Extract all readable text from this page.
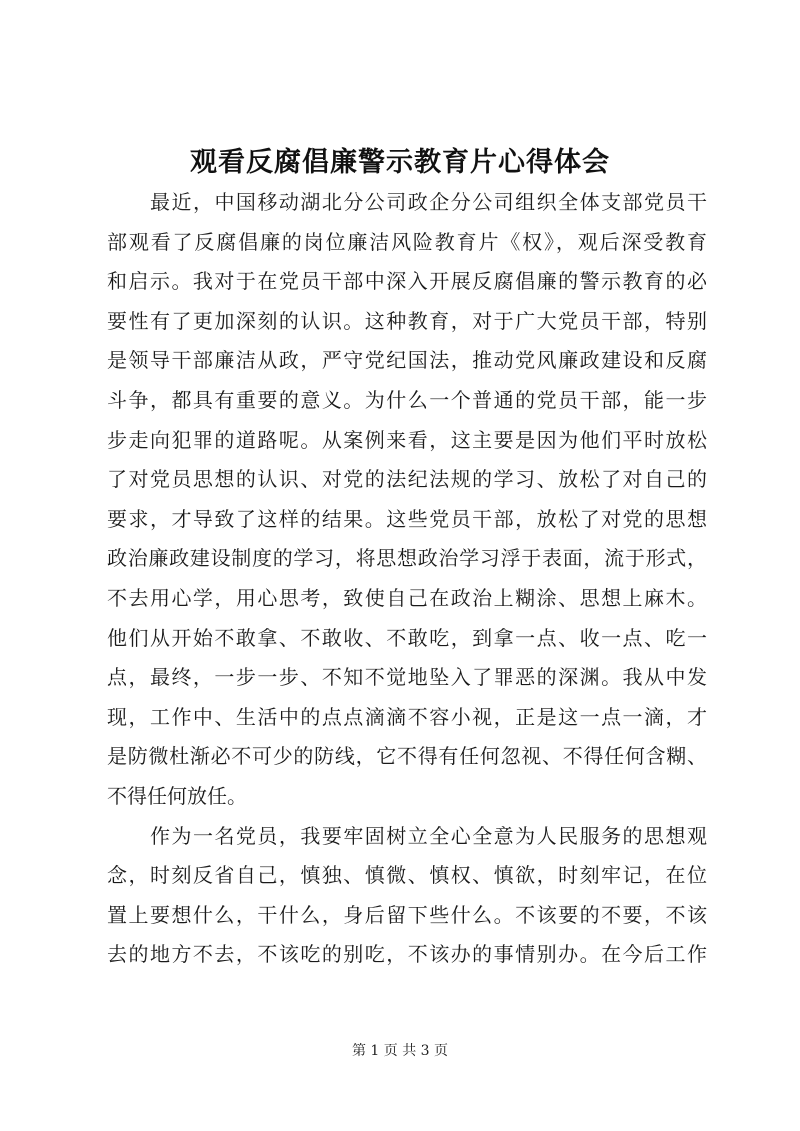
观看反腐倡廉警示教育片心得体会

最近，中国移动湖北分公司政企分公司组织全体支部党员干
部观看了反腐倡廉的岗位廉洁风险教育片《权》，观后深受教育
和启示。我对于在党员干部中深入开展反腐倡廉的警示教育的必
要性有了更加深刻的认识。这种教育，对于广大党员干部，特别
是领导干部廉洁从政，严守党纪国法，推动党风廉政建设和反腐
斗争，都具有重要的意义。为什么一个普通的党员干部，能一步
步走向犯罪的道路呢。从案例来看，这主要是因为他们平时放松
了对党员思想的认识、对党的法纪法规的学习、放松了对自己的
要求，才导致了这样的结果。这些党员干部，放松了对党的思想
政治廉政建设制度的学习，将思想政治学习浮于表面，流于形式，
不去用心学，用心思考，致使自己在政治上糊涂、思想上麻木。
他们从开始不敢拿、不敢收、不敢吃，到拿一点、收一点、吃一
点，最终，一步一步、不知不觉地坠入了罪恶的深渊。我从中发
现，工作中、生活中的点点滴滴不容小视，正是这一点一滴，才
是防微杜渐必不可少的防线，它不得有任何忽视、不得任何含糊、
不得任何放任。

作为一名党员，我要牢固树立全心全意为人民服务的思想观
念，时刻反省自己，慎独、慎微、慎权、慎欲，时刻牢记，在位
置上要想什么，干什么，身后留下些什么。不该要的不要，不该
去的地方不去，不该吃的别吃，不该办的事情别办。在今后工作

第 1 页 共 3 页
